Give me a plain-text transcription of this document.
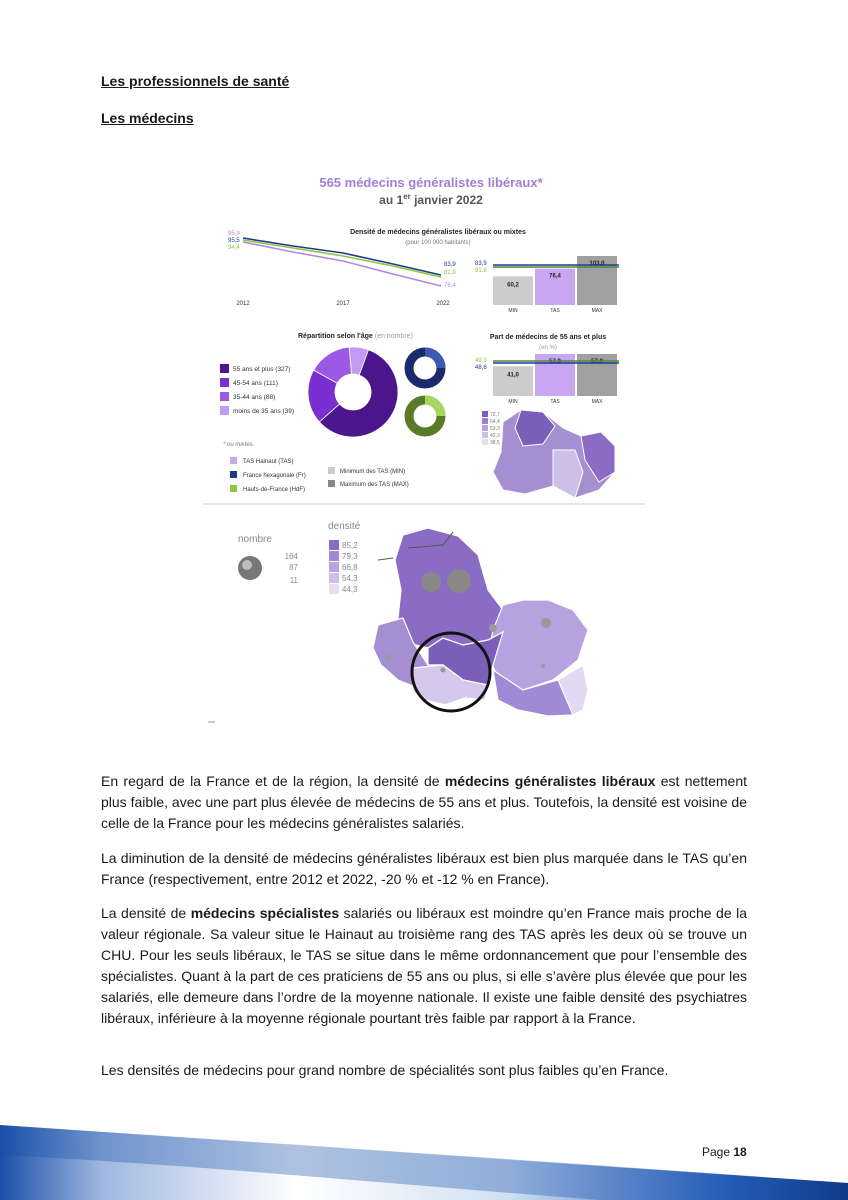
Les professionnels de santé
Les médecins
565 médecins généralistes libéraux*
au 1er janvier 2022
Densité de médecins généralistes libéraux ou mixtes
(pour 100 000 habitants)
95,9
95,5
94,4
83,9
81,8
76,4
2012	2017	2022
83,9
81,8
60,2
MIN
76,4
TAS
103,0
MAX
Répartition selon l'âge (en nombre)
55 ans et plus (327)
45-54 ans (111)
35-44 ans (88)
moins de 35 ans (39)
Part de médecins de 55 ans et plus
(en %)
49,3
48,6
41,0
MIN
57,9
TAS
57,9
MAX
72,7
64,4
53,3
42,3
38,5
* ou mixtes.
TAS Hainaut (TAS)
France hexagonale (Fr)
Hauts-de-France (HdF)
Minimum des TAS (MIN)
Maximum des TAS (MAX)
nombre
164
87
11
densité
85,2
79,3
66,8
54,3
44,3

En regard de la France et de la région, la densité de médecins généralistes libéraux est nettement plus faible, avec une part plus élevée de médecins de 55 ans et plus. Toutefois, la densité est voisine de celle de la France pour les médecins généralistes salariés.

La diminution de la densité de médecins généralistes libéraux est bien plus marquée dans le TAS qu’en France (respectivement, entre 2012 et 2022, -20 % et -12 % en France).

La densité de médecins spécialistes salariés ou libéraux est moindre qu’en France mais proche de la valeur régionale. Sa valeur situe le Hainaut au troisième rang des TAS après les deux où se trouve un CHU. Pour les seuls libéraux, le TAS se situe dans le même ordonnancement que pour l’ensemble des spécialistes. Quant à la part de ces praticiens de 55 ans ou plus, si elle s’avère plus élevée que pour les salariés, elle demeure dans l’ordre de la moyenne nationale. Il existe une faible densité des psychiatres libéraux, inférieure à la moyenne régionale pourtant très faible par rapport à la France.

Les densités de médecins pour grand nombre de spécialités sont plus faibles qu’en France.

Page 18
